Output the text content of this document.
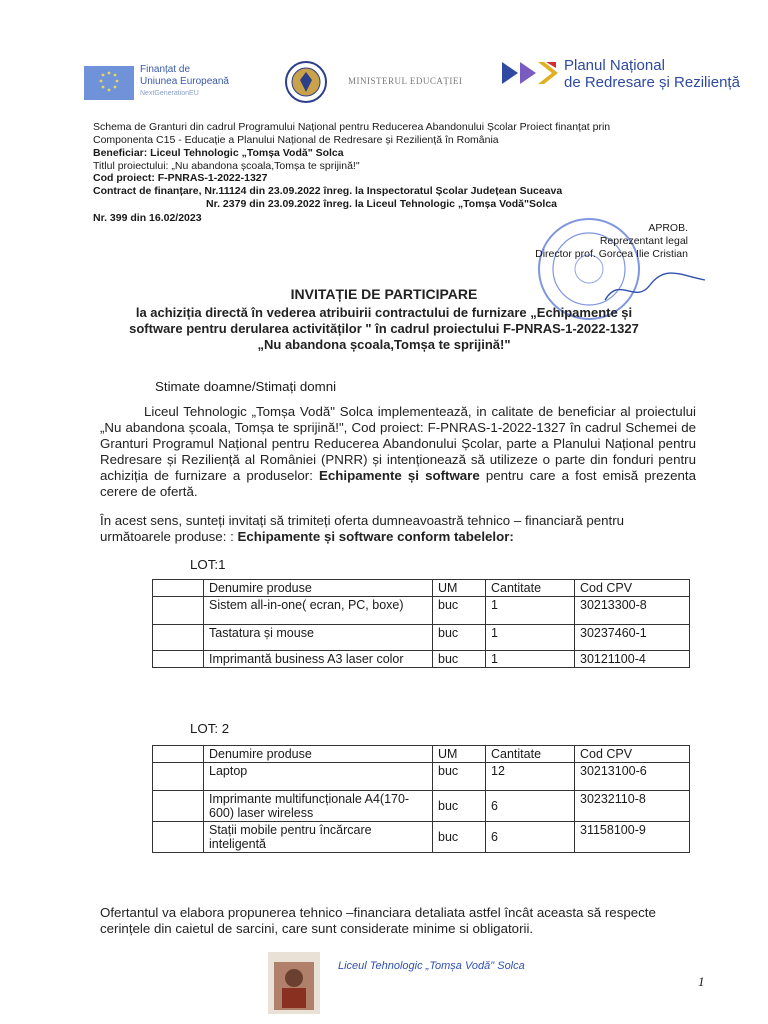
Finanțat de
Uniunea Europeană
NextGenerationEU
MINISTERUL EDUCAȚIEI
Planul Național
de Redresare și Reziliență
Schema de Granturi din cadrul Programului Național pentru Reducerea Abandonului Școlar Proiect finanțat prin
Componenta C15 - Educație a Planului Național de Redresare și Reziliență în România
Beneficiar: Liceul Tehnologic „Tomșa Vodă" Solca
Titlul proiectului: „Nu abandona școala,Tomșa te sprijină!"
Cod proiect: F-PNRAS-1-2022-1327
Contract de finanțare, Nr.11124 din 23.09.2022 înreg. la Inspectoratul Școlar Județean Suceava
Nr. 2379 din 23.09.2022 înreg. la Liceul Tehnologic „Tomșa Vodă"Solca
Nr. 399 din 16.02/2023
APROB.
Reprezentant legal
Director prof. Gorcea Ilie Cristian
INVITAȚIE DE PARTICIPARE
la achiziția directă în vederea atribuirii contractului de furnizare „Echipamente și
software pentru derularea activităților " în cadrul proiectului F-PNRAS-1-2022-1327
„Nu abandona școala,Tomșa te sprijină!"
Stimate doamne/Stimați domni
Liceul Tehnologic „Tomșa Vodă" Solca implementează, in calitate de beneficiar al proiectului „Nu abandona școala, Tomșa te sprijină!", Cod proiect: F-PNRAS-1-2022-1327 în cadrul Schemei de Granturi Programul Național pentru Reducerea Abandonului Școlar, parte a Planului Național pentru Redresare și Reziliență al României (PNRR) și intenționează să utilizeze o parte din fonduri pentru achiziția de furnizare a produselor: Echipamente și software pentru care a fost emisă prezenta cerere de ofertă.
În acest sens, sunteți invitați să trimiteți oferta dumneavoastră tehnico – financiară pentru următoarele produse: : Echipamente și software conform tabelelor:
LOT:1
	Denumire produse	UM	Cantitate	Cod CPV
	Sistem all-in-one( ecran, PC, boxe)	buc	1	30213300-8
	Tastatura și mouse	buc	1	30237460-1
	Imprimantă business A3 laser color	buc	1	30121100-4
LOT: 2
	Denumire produse	UM	Cantitate	Cod CPV
	Laptop	buc	12	30213100-6
	Imprimante multifuncționale A4(170-600) laser wireless	buc	6	30232110-8
	Stații mobile pentru încărcare inteligentă	buc	6	31158100-9
Ofertantul va elabora propunerea tehnico –financiara detaliata astfel încât aceasta să respecte cerințele din caietul de sarcini, care sunt considerate minime si obligatorii.
Liceul Tehnologic „Tomșa Vodă" Solca
1
